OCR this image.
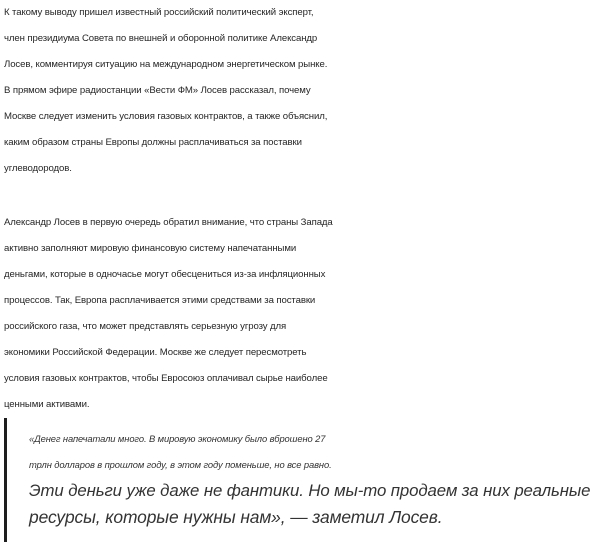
К такому выводу пришел известный российский политический эксперт,
член президиума Совета по внешней и оборонной политике Александр
Лосев, комментируя ситуацию на международном энергетическом рынке.
В прямом эфире радиостанции «Вести ФМ» Лосев рассказал, почему
Москве следует изменить условия газовых контрактов, а также объяснил,
каким образом страны Европы должны расплачиваться за поставки
углеводородов.

Александр Лосев в первую очередь обратил внимание, что страны Запада
активно заполняют мировую финансовую систему напечатанными
деньгами, которые в одночасье могут обесцениться из-за инфляционных
процессов. Так, Европа расплачивается этими средствами за поставки
российского газа, что может представлять серьезную угрозу для
экономики Российской Федерации. Москве же следует пересмотреть
условия газовых контрактов, чтобы Евросоюз оплачивал сырье наиболее
ценными активами.

«Денег напечатали много. В мировую экономику было вброшено 27
трлн долларов в прошлом году, в этом году поменьше, но все равно.
Эти деньги уже даже не фантики. Но мы-то продаем за них реальные
ресурсы, которые нужны нам», — заметил Лосев.
